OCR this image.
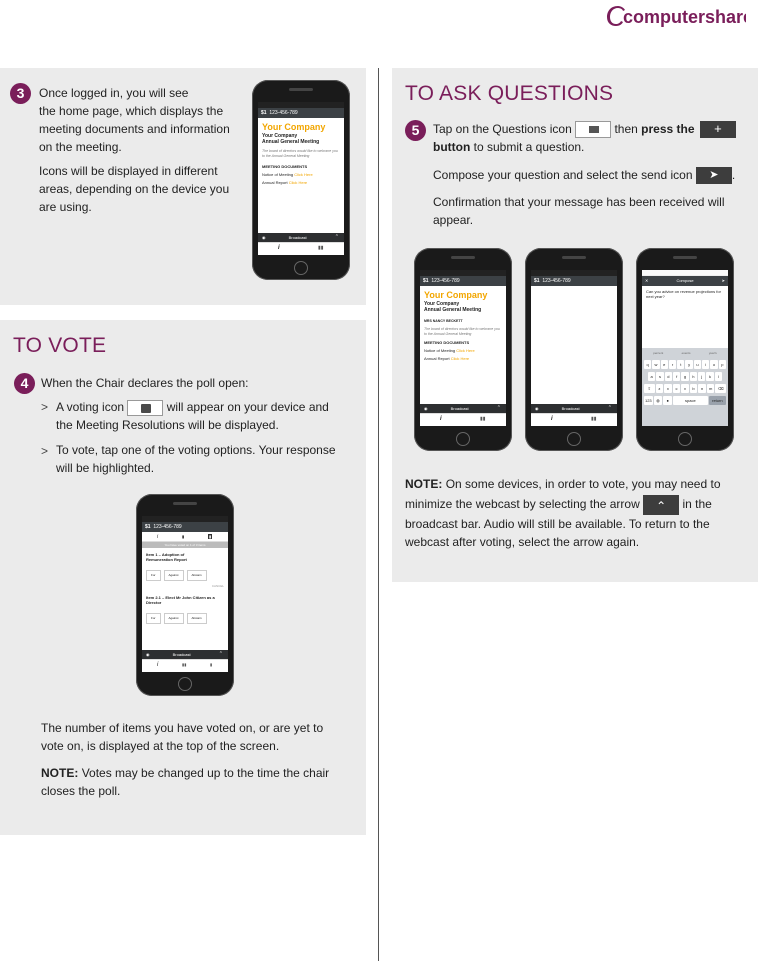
computershare
3	Once logged in, you will see
the home page, which displays the
meeting documents and information
on the meeting.
Icons will be displayed in different
areas, depending on the device you
are using.
$1 123-456-789
Your Company
Your Company
Annual General Meeting
The board of directors would like to welcome you to the Annual General Meeting
MEETING DOCUMENTS
Notice of Meeting Click Here
Annual Report Click Here
◉	Broadcast	⌃
i	▮▮
TO VOTE
4	When the Chair declares the poll open:
> A voting icon	will appear on your device and
the Meeting Resolutions will be displayed.
> To vote, tap one of the voting options. Your response
will be highlighted.
$1 123-456-789
i	▮	▮
You have voted on 1 of 3 items
Item 1 – Adoption of Remuneration Report
For	Against	Abstain
CANCEL
Item 2.1 – Elect Mr John Citizen as a Director
For	Against	Abstain
◉	Broadcast	⌃
i	▮▮	▮
The number of items you have voted on, or are yet to
vote on, is displayed at the top of the screen.
NOTE: Votes may be changed up to the time the chair
closes the poll.
TO ASK QUESTIONS
5	Tap on the Questions icon	then press the +
button to submit a question.
Compose your question and select the send icon ➤ .
Confirmation that your message has been received will
appear.
$1 123-456-789
Your Company
Your Company
Annual General Meeting
MRS NANCY BECKETT
The board of directors would like to welcome you to the Annual General Meeting
MEETING DOCUMENTS
Notice of Meeting Click Here
Annual Report Click Here
◉	Broadcast	⌃
i	▮▮
$1 123-456-789
◉	Broadcast	⌃
i	▮▮
✕	Compose	➤
Can you advice on revenue projections for next year?
percent	events	year's
q	w	e	r	t	y	u	i	o	p
a	s	d	f	g	h	j	k	l
⇧	z	x	c	v	b	n	m	⌫
123	◍	●	space	return
NOTE: On some devices, in order to vote, you may need to
minimize the webcast by selecting the arrow ⌃ in the
broadcast bar. Audio will still be available. To return to the
webcast after voting, select the arrow again.
